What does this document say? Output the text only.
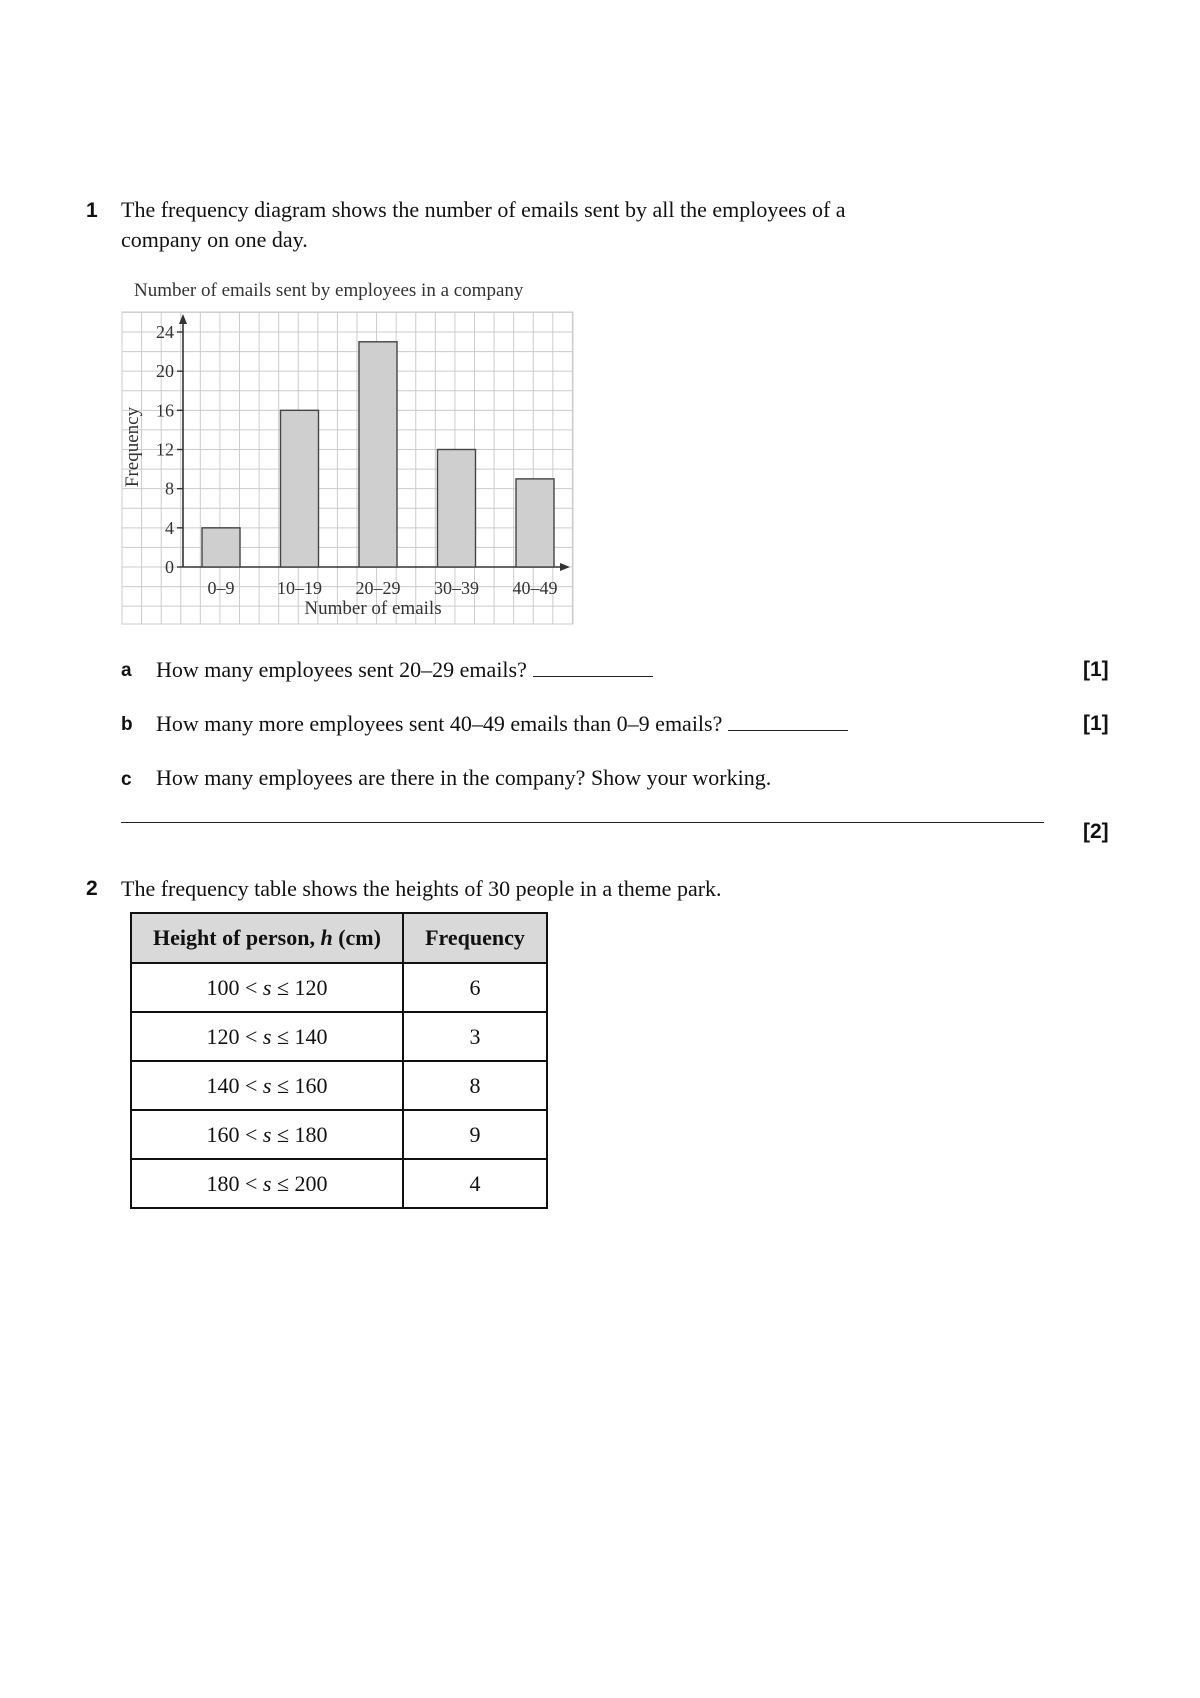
1 The frequency diagram shows the number of emails sent by all the employees of a
company on one day.
Number of emails sent by employees in a company
0
4
8
12
16
20
24
0–9 10–19 20–29 30–39 40–49
Number of emails
Frequency
a How many employees sent 20–29 emails?	[1]
b How many more employees sent 40–49 emails than 0–9 emails?	[1]
c How many employees are there in the company? Show your working.
[2]
2 The frequency table shows the heights of 30 people in a theme park.
Height of person, h (cm)	Frequency
100 < s ≤ 120	6
120 < s ≤ 140	3
140 < s ≤ 160	8
160 < s ≤ 180	9
180 < s ≤ 200	4
